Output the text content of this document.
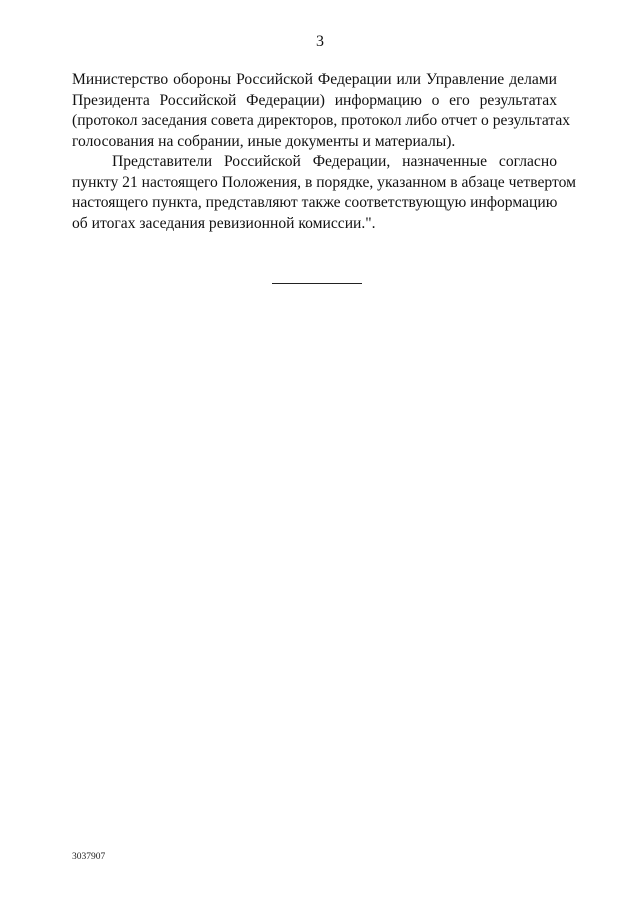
3
Министерство обороны Российской Федерации или Управление делами
Президента Российской Федерации) информацию о его результатах
(протокол заседания совета директоров, протокол либо отчет о результатах
голосования на собрании, иные документы и материалы).
Представители Российской Федерации, назначенные согласно
пункту 21 настоящего Положения, в порядке, указанном в абзаце четвертом
настоящего пункта, представляют также соответствующую информацию
об итогах заседания ревизионной комиссии.".
3037907
